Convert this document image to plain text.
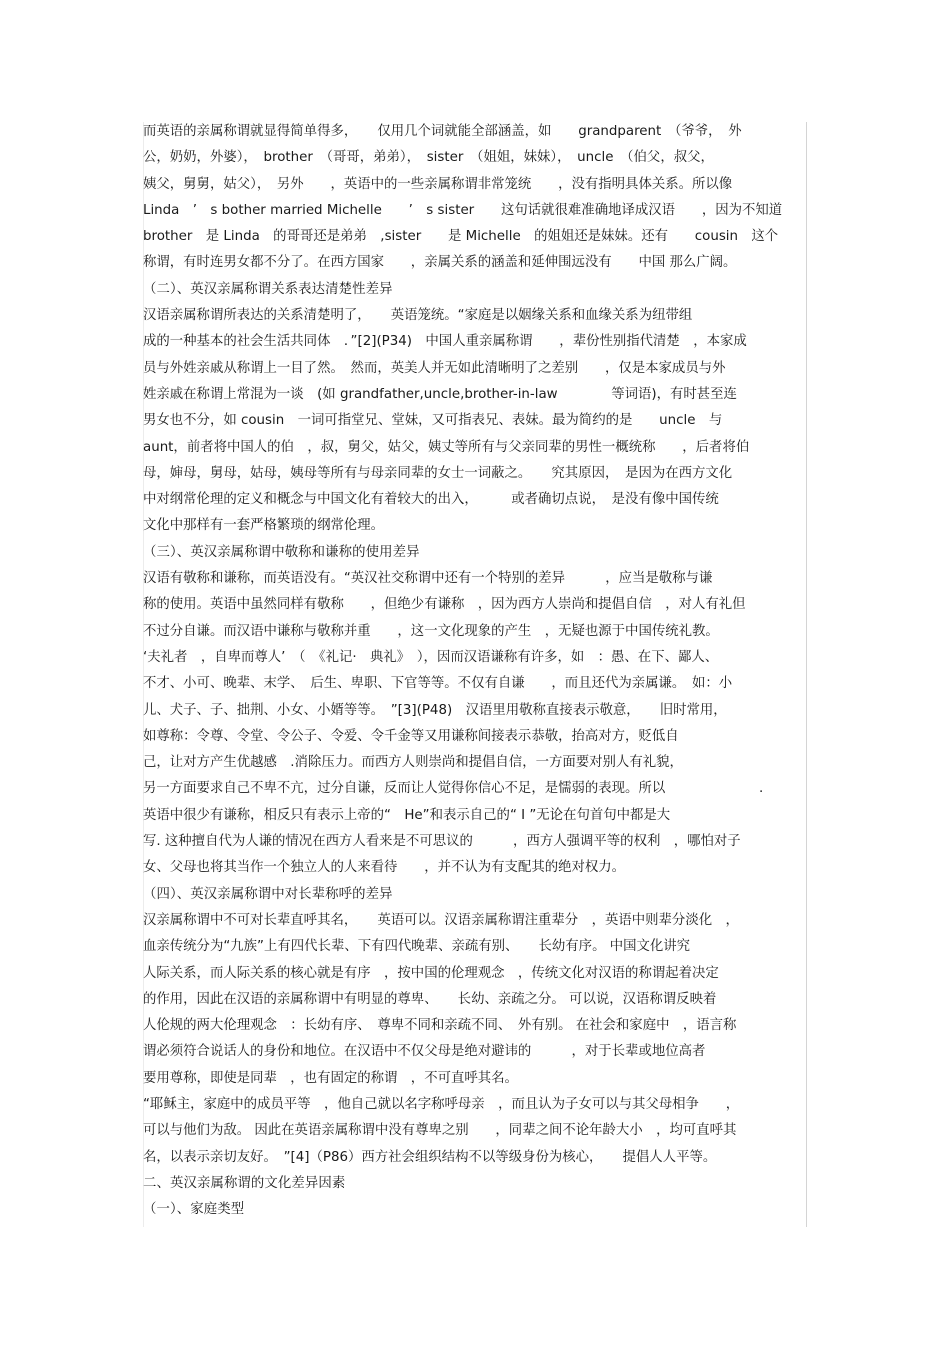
而英语的亲属称谓就显得简单得多，　　仅用几个词就能全部涵盖，如　　grandparent　（爷爷，　外
公，奶奶，外婆），　brother　（哥哥，弟弟），　sister　（姐姐，妹妹），　uncle　（伯父，叔父，
姨父，舅舅，姑父），　另外　　，英语中的一些亲属称谓非常笼统　　，没有指明具体关系。所以像
Linda　’　s bother married Michelle　　’　s sister　　这句话就很难准确地译成汉语　　，因为不知道
brother　是 Linda　的哥哥还是弟弟　,sister　　是 Michelle　的姐姐还是妹妹。还有　　cousin　这个
称谓，有时连男女都不分了。在西方国家　　，亲属关系的涵盖和延伸围远没有　　中国 那么广阔。
（二）、英汉亲属称谓关系表达清楚性差异
汉语亲属称谓所表达的关系清楚明了，　　英语笼统。“家庭是以姻缘关系和血缘关系为纽带组
成的一种基本的社会生活共同体　．”[2](P34)　中国人重亲属称谓　　，辈份性别指代清楚　，本家成
员与外姓亲戚从称谓上一目了然。　然而，英美人并无如此清晰明了之差别　　，仅是本家成员与外
姓亲戚在称谓上常混为一谈　(如 grandfather,uncle,brother-in-law　　　　等词语)，有时甚至连
男女也不分，如 cousin　一词可指堂兄、堂妹，又可指表兄、表妹。最为简约的是　　uncle　与
aunt，前者将中国人的伯　，叔，舅父，姑父，姨丈等所有与父亲同辈的男性一概统称　　，后者将伯
母，婶母，舅母，姑母，姨母等所有与母亲同辈的女士一词蔽之。　　究其原因，　是因为在西方文化
中对纲常伦理的定义和概念与中国文化有着较大的出入，　　　或者确切点说，　是没有像中国传统
文化中那样有一套严格繁琐的纲常伦理。
（三）、英汉亲属称谓中敬称和谦称的使用差异
汉语有敬称和谦称，而英语没有。“英汉社交称谓中还有一个特别的差异　　　，应当是敬称与谦
称的使用。英语中虽然同样有敬称　　，但绝少有谦称　，因为西方人崇尚和提倡自信　，对人有礼但
不过分自谦。而汉语中谦称与敬称并重　　，这一文化现象的产生　，无疑也源于中国传统礼教。
‘夫礼者　，自卑而尊人’　（　《礼记·　典礼》　），因而汉语谦称有许多，如　：愚、在下、鄙人、
不才、小可、晚辈、末学、　后生、卑职、下官等等。不仅有自谦　　，而且还代为亲属谦。　如：小
儿、犬子、子、拙荆、小女、小婿等等。　”[3](P48)　汉语里用敬称直接表示敬意，　　旧时常用，
如尊称：令尊、令堂、令公子、令爱、令千金等又用谦称间接表示恭敬，抬高对方，贬低自
己，让对方产生优越感　.消除压力。而西方人则崇尚和提倡自信，一方面要对别人有礼貌，
另一方面要求自己不卑不亢，过分自谦，反而让人觉得你信心不足，是懦弱的表现。所以　　　　　　　.
英语中很少有谦称，相反只有表示上帝的“　He”和表示自己的“ I ”无论在句首句中都是大
写. 这种擅自代为人谦的情况在西方人看来是不可思议的　　　，西方人强调平等的权利　，哪怕对子
女、父母也将其当作一个独立人的人来看待　　，并不认为有支配其的绝对权力。
（四）、英汉亲属称谓中对长辈称呼的差异
汉亲属称谓中不可对长辈直呼其名，　　英语可以。汉语亲属称谓注重辈分　，英语中则辈分淡化　，
血亲传统分为“九族”上有四代长辈、下有四代晚辈、亲疏有别、　　长幼有序。 中国文化讲究
人际关系，而人际关系的核心就是有序　，按中国的伦理观念　，传统文化对汉语的称谓起着决定
的作用，因此在汉语的亲属称谓中有明显的尊卑、　　长幼、亲疏之分。 可以说，汉语称谓反映着
人伦规的两大伦理观念　：长幼有序、　尊卑不同和亲疏不同、　外有别。 在社会和家庭中　，语言称
谓必须符合说话人的身份和地位。在汉语中不仅父母是绝对避讳的　　　，对于长辈或地位高者
要用尊称，即使是同辈　，也有固定的称谓　，不可直呼其名。
“耶稣主，家庭中的成员平等　，他自己就以名字称呼母亲　，而且认为子女可以与其父母相争　　，
可以与他们为敌。 因此在英语亲属称谓中没有尊卑之别　　，同辈之间不论年龄大小　，均可直呼其
名，以表示亲切友好。　”[4]（P86）西方社会组织结构不以等级身份为核心，　　提倡人人平等。
二、英汉亲属称谓的文化差异因素
（一）、家庭类型
